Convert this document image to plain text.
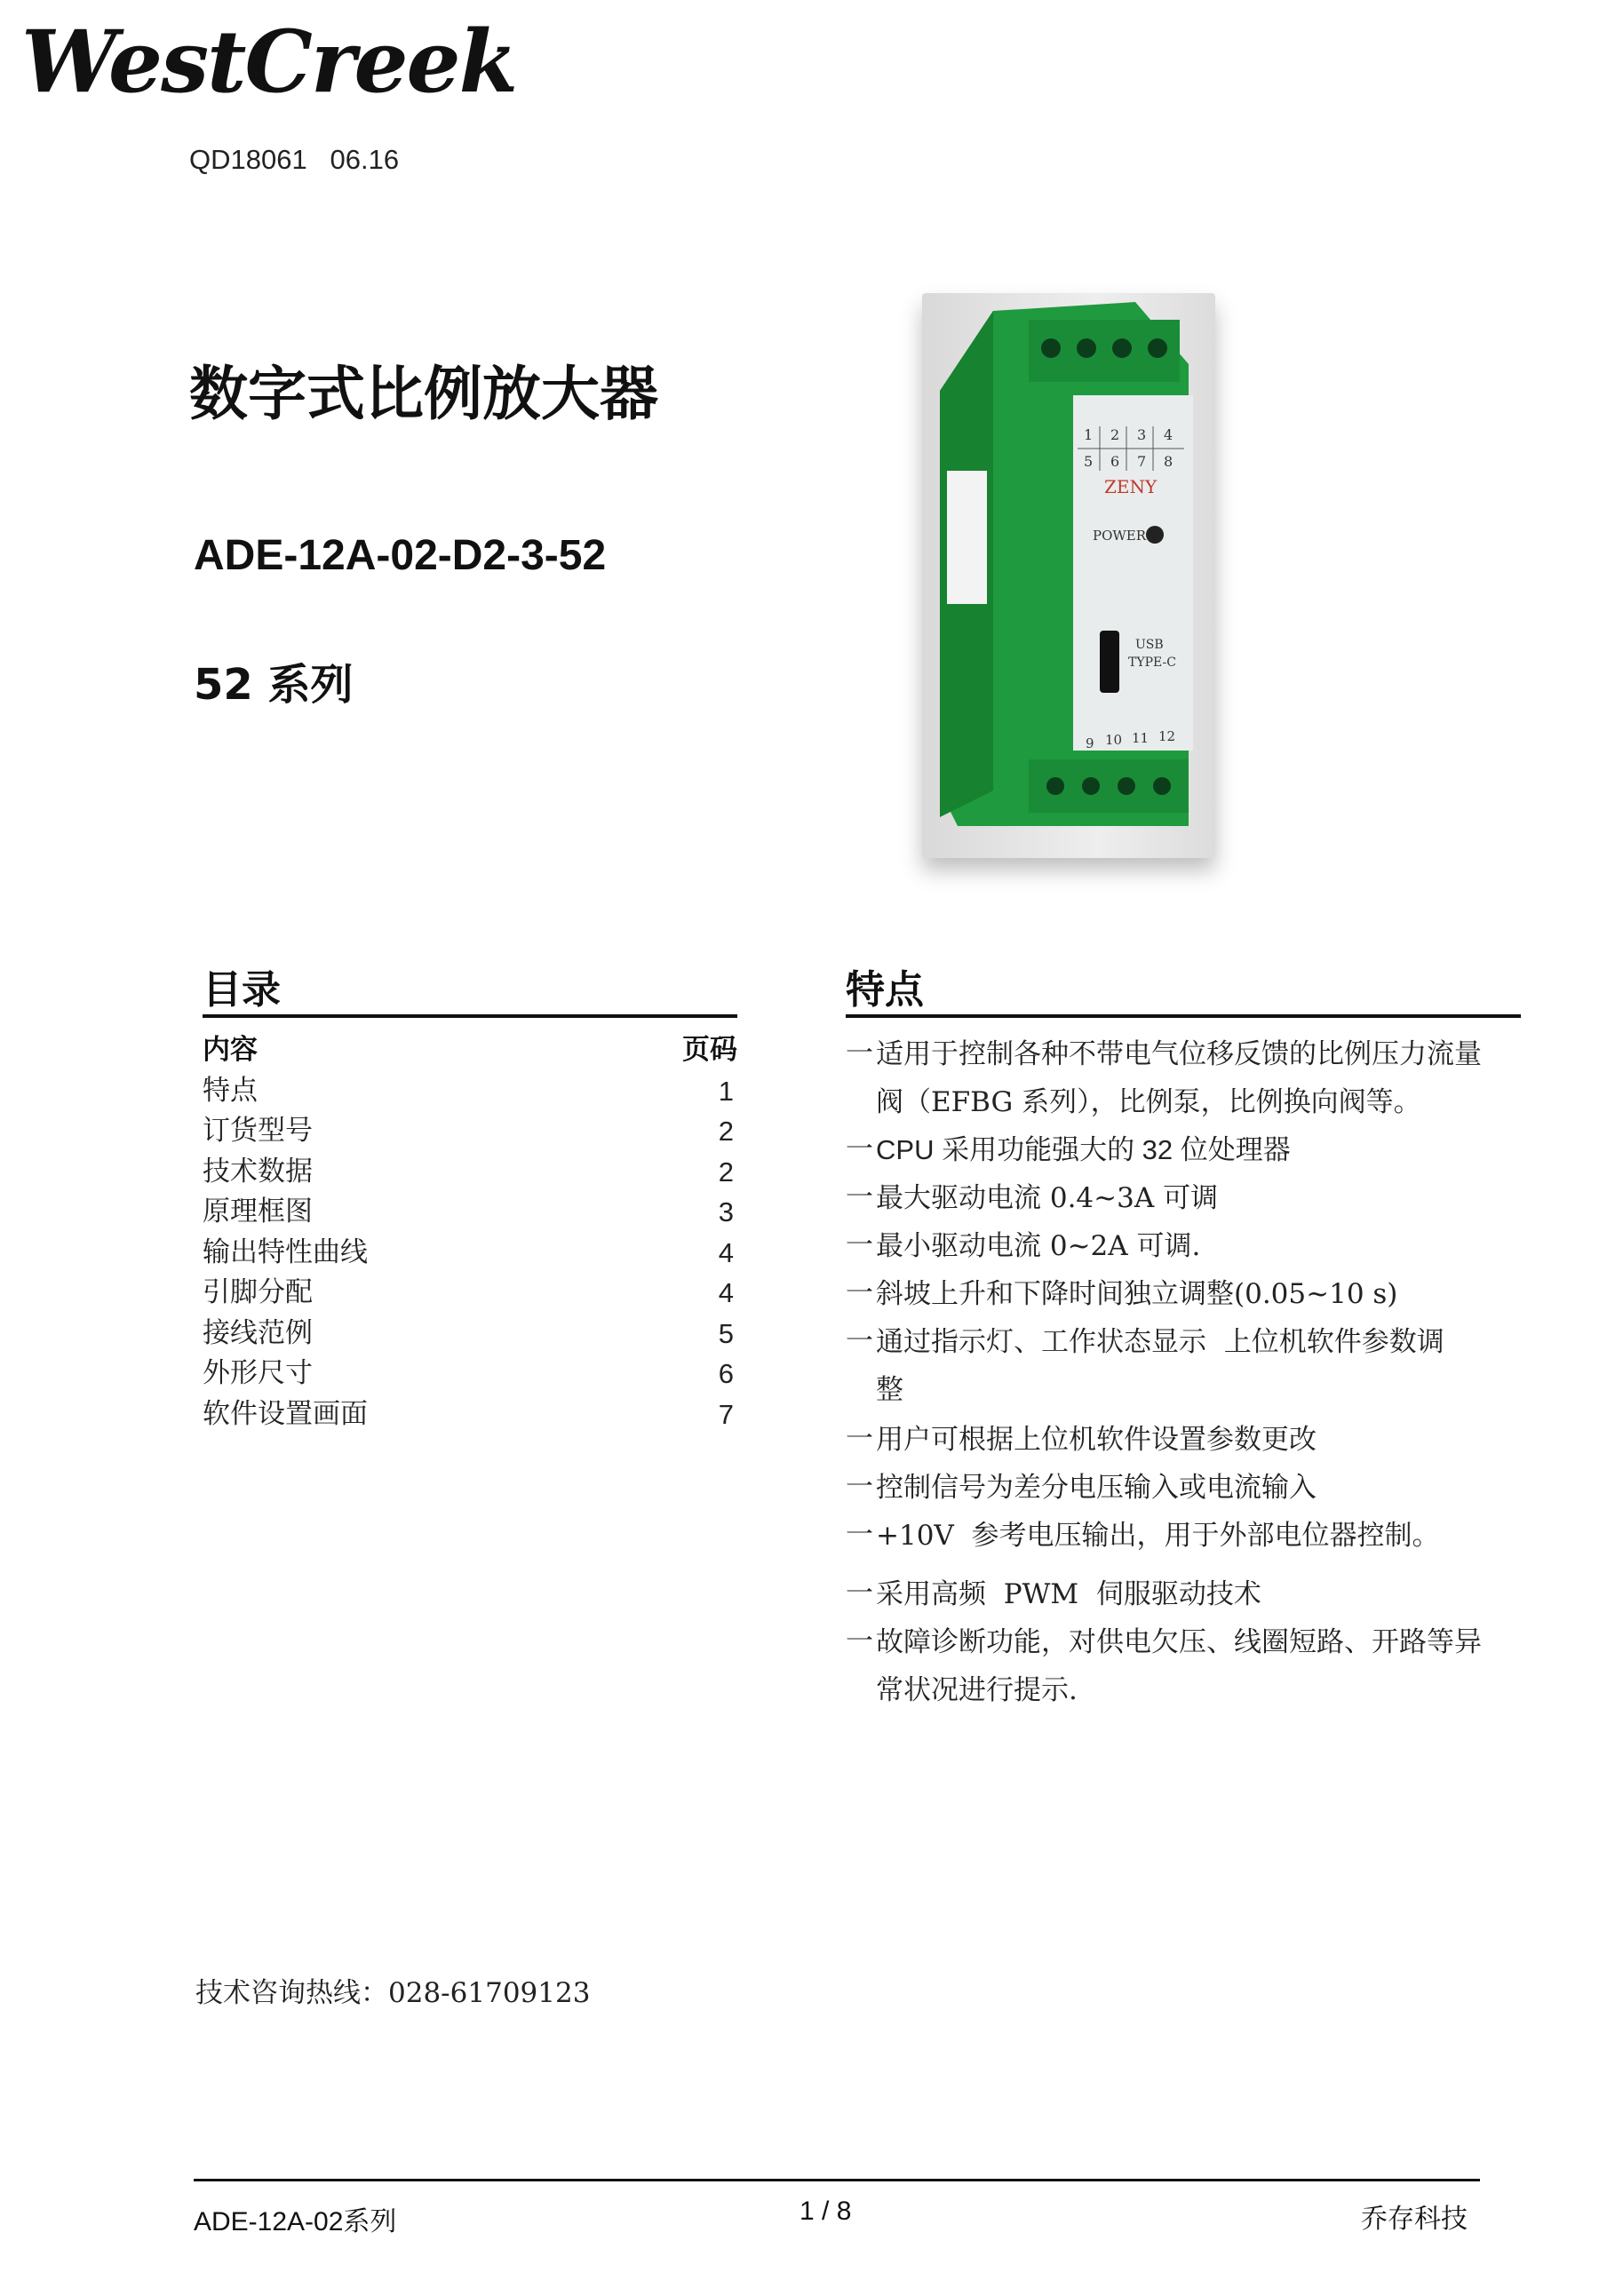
WestCreek
QD18061   06.16
数字式比例放大器
ADE-12A-02-D2-3-52
52 系列
1 2 3 4
5 6 7 8
ZENY
POWER
USB
TYPE-C
9 10 11 12
目录
内容	页码
特点	1
订货型号	2
技术数据	2
原理框图	3
输出特性曲线	4
引脚分配	4
接线范例	5
外形尺寸	6
软件设置画面	7
特点
一 适用于控制各种不带电气位移反馈的比例压力流量
阀（EFBG 系列），比例泵，比例换向阀等。
一 CPU 采用功能强大的 32 位处理器
一 最大驱动电流 0.4~3A 可调
一 最小驱动电流 0~2A 可调.
一 斜坡上升和下降时间独立调整(0.05~10 s)
一 通过指示灯、工作状态显示  上位机软件参数调
整
一 用户可根据上位机软件设置参数更改
一 控制信号为差分电压输入或电流输入
一 +10V  参考电压输出，用于外部电位器控制。
一 采用高频  PWM  伺服驱动技术
一 故障诊断功能，对供电欠压、线圈短路、开路等异
常状况进行提示.
技术咨询热线：028-61709123
ADE-12A-02系列	1 / 8	乔存科技
